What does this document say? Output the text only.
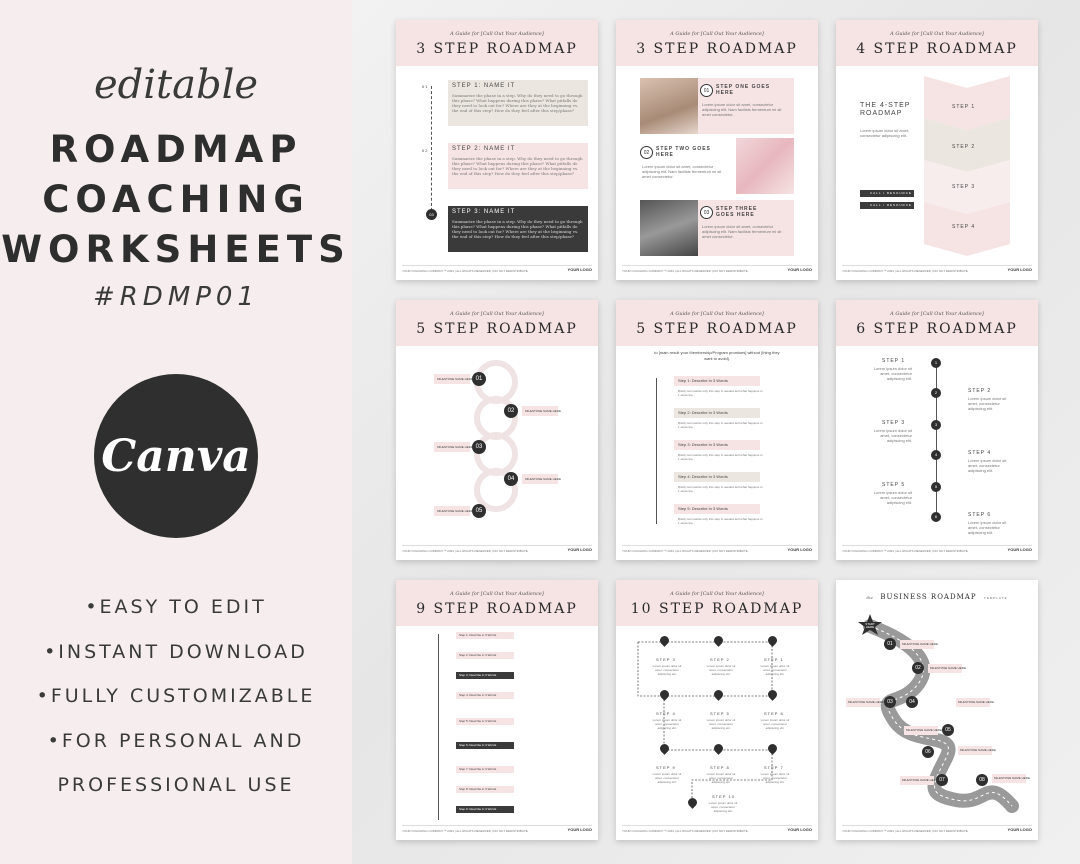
editable
ROADMAP
COACHING
WORKSHEETS
#RDMP01
Canva
•EASY TO EDIT
•INSTANT DOWNLOAD
•FULLY CUSTOMIZABLE
•FOR PERSONAL AND
PROFESSIONAL USE
A Guide for [Call Out Your Audience]
3 STEP ROADMAP
01
02
03
STEP 1: NAME IT
Summarize the phase in a step. Why do they need to go through this phase? What happens during this phase? What pitfalls do they need to look out for? Where are they at the beginning vs. the end of this step? How do they feel after this step/phase?
STEP 2: NAME IT
Summarize the phase in a step. Why do they need to go through this phase? What happens during this phase? What pitfalls do they need to look out for? Where are they at the beginning vs. the end of this step? How do they feel after this step/phase?
STEP 3: NAME IT
Summarize the phase in a step. Why do they need to go through this phase? What happens during this phase? What pitfalls do they need to look out for? Where are they at the beginning vs. the end of this step? How do they feel after this step/phase?
YOUR COACHING COMPANY™ 2024 | ALL RIGHTS RESERVED | DO NOT REDISTRIBUTE	YOUR LOGO
A Guide for [Call Out Your Audience]
3 STEP ROADMAP
01
STEP ONE GOES HERE
Lorem ipsum dolor sit amet, consectetur adipiscing elit. Nam facilisis fermentum mi sit amet consectetur.
02
STEP TWO GOES HERE
Lorem ipsum dolor sit amet, consectetur adipiscing elit. Nam facilisis fermentum mi sit amet consectetur.
03
STEP THREE GOES HERE
Lorem ipsum dolor sit amet, consectetur adipiscing elit. Nam facilisis fermentum mi sit amet consectetur.
YOUR COACHING COMPANY™ 2024 | ALL RIGHTS RESERVED | DO NOT REDISTRIBUTE	YOUR LOGO
A Guide for [Call Out Your Audience]
4 STEP ROADMAP
THE 4-STEP ROADMAP
Lorem ipsum dolor sit amet, consectetur adipiscing elit.
CALL / RESOURCE
CALL / RESOURCE
STEP 1
STEP 2
STEP 3
STEP 4
YOUR COACHING COMPANY™ 2024 | ALL RIGHTS RESERVED | DO NOT REDISTRIBUTE	YOUR LOGO
A Guide for [Call Out Your Audience]
5 STEP ROADMAP
01
02
03
04
05
MILESTONE NAME HERE
MILESTONE NAME HERE
MILESTONE NAME HERE
MILESTONE NAME HERE
MILESTONE NAME HERE
YOUR COACHING COMPANY™ 2024 | ALL RIGHTS RESERVED | DO NOT REDISTRIBUTE	YOUR LOGO
A Guide for [Call Out Your Audience]
5 STEP ROADMAP
to [main result your Membership/Program promises] without [thing they want to avoid].
Step 1: Describe in 3 Words
Briefly summarize why this step is needed and what happens in 1 sentence.
Step 2: Describe in 3 Words
Briefly summarize why this step is needed and what happens in 1 sentence.
Step 3: Describe in 3 Words
Briefly summarize why this step is needed and what happens in 1 sentence.
Step 4: Describe in 3 Words
Briefly summarize why this step is needed and what happens in 1 sentence.
Step 5: Describe in 3 Words
Briefly summarize why this step is needed and what happens in 1 sentence.
YOUR COACHING COMPANY™ 2024 | ALL RIGHTS RESERVED | DO NOT REDISTRIBUTE	YOUR LOGO
A Guide for [Call Out Your Audience]
6 STEP ROADMAP
1
2
3
4
5
6
STEP 1
Lorem ipsum dolor sit amet, consectetur adipiscing elit.
STEP 2
Lorem ipsum dolor sit amet, consectetur adipiscing elit.
STEP 3
Lorem ipsum dolor sit amet, consectetur adipiscing elit.
STEP 4
Lorem ipsum dolor sit amet, consectetur adipiscing elit.
STEP 5
Lorem ipsum dolor sit amet, consectetur adipiscing elit.
STEP 6
Lorem ipsum dolor sit amet, consectetur adipiscing elit.
YOUR COACHING COMPANY™ 2024 | ALL RIGHTS RESERVED | DO NOT REDISTRIBUTE	YOUR LOGO
A Guide for [Call Out Your Audience]
9 STEP ROADMAP
Step 1: Describe in 3 Words
Step 2: Describe in 3 Words
Step 3: Describe in 3 Words
Step 4: Describe in 3 Words
Step 5: Describe in 3 Words
Step 6: Describe in 3 Words
Step 7: Describe in 3 Words
Step 8: Describe in 3 Words
Step 9: Describe in 3 Words
YOUR COACHING COMPANY™ 2024 | ALL RIGHTS RESERVED | DO NOT REDISTRIBUTE	YOUR LOGO
A Guide for [Call Out Your Audience]
10 STEP ROADMAP
STEP 3
Lorem ipsum dolor sit amet, consectetur adipiscing elit.
STEP 2
Lorem ipsum dolor sit amet, consectetur adipiscing elit.
STEP 1
Lorem ipsum dolor sit amet, consectetur adipiscing elit.
STEP 4
Lorem ipsum dolor sit amet, consectetur adipiscing elit.
STEP 5
Lorem ipsum dolor sit amet, consectetur adipiscing elit.
STEP 6
Lorem ipsum dolor sit amet, consectetur adipiscing elit.
STEP 9
Lorem ipsum dolor sit amet, consectetur adipiscing elit.
STEP 8
Lorem ipsum dolor sit amet, consectetur adipiscing elit.
STEP 7
Lorem ipsum dolor sit amet, consectetur adipiscing elit.
STEP 10
Lorem ipsum dolor sit amet, consectetur adipiscing elit.
YOUR COACHING COMPANY™ 2024 | ALL RIGHTS RESERVED | DO NOT REDISTRIBUTE	YOUR LOGO
the BUSINESS ROADMAP TEMPLATE
START HERE
01
02
03	04
05
06
07	08
MILESTONE NAME HERE
MILESTONE NAME HERE
MILESTONE NAME HERE	MILESTONE NAME HERE
MILESTONE NAME HERE
MILESTONE NAME HERE
MILESTONE NAME HERE	MILESTONE NAME HERE
YOUR COACHING COMPANY™ 2024 | ALL RIGHTS RESERVED | DO NOT REDISTRIBUTE	YOUR LOGO
